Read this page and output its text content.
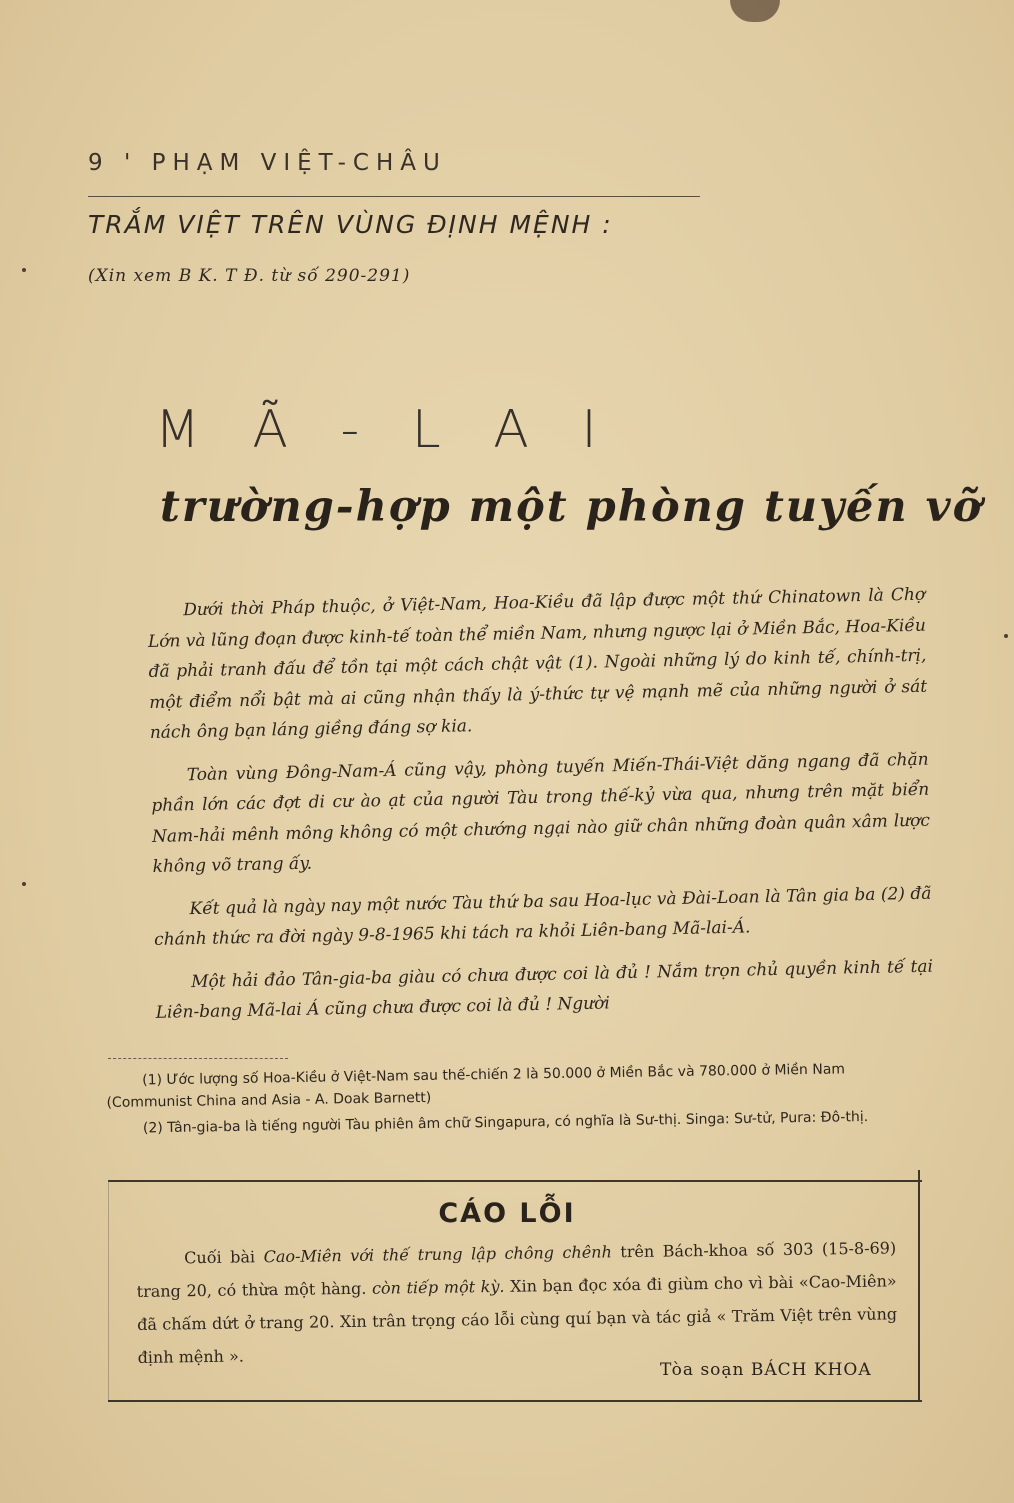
9 ' PHẠM VIỆT-CHÂU
TRẮM VIỆT TRÊN VÙNG ĐỊNH MỆNH :
(Xin xem B K. T Đ. từ số 290-291)
M Ã - L A I
trường-hợp một phòng tuyến vỡ

Dưới thời Pháp thuộc, ở Việt-Nam, Hoa-Kiều đã lập được một thứ Chinatown là Chợ Lớn và lũng đoạn được kinh-tế toàn thể miền Nam, nhưng ngược lại ở Miền Bắc, Hoa-Kiều đã phải tranh đấu để tồn tại một cách chật vật (1). Ngoài những lý do kinh tế, chính-trị, một điểm nổi bật mà ai cũng nhận thấy là ý-thức tự vệ mạnh mẽ của những người ở sát nách ông bạn láng giềng đáng sợ kia.

Toàn vùng Đông-Nam-Á cũng vậy, phòng tuyến Miến-Thái-Việt dăng ngang đã chặn phần lớn các đợt di cư ào ạt của người Tàu trong thế-kỷ vừa qua, nhưng trên mặt biển Nam-hải mênh mông không có một chướng ngại nào giữ chân những đoàn quân xâm lược không võ trang ấy.

Kết quả là ngày nay một nước Tàu thứ ba sau Hoa-lục và Đài-Loan là Tân gia ba (2) đã chánh thức ra đời ngày 9-8-1965 khi tách ra khỏi Liên-bang Mã-lai-Á.

Một hải đảo Tân-gia-ba giàu có chưa được coi là đủ ! Nắm trọn chủ quyền kinh tế tại Liên-bang Mã-lai Á cũng chưa được coi là đủ ! Người

(1) Ước lượng số Hoa-Kiều ở Việt-Nam sau thế-chiến 2 là 50.000 ở Miền Bắc và 780.000 ở Miền Nam (Communist China and Asia - A. Doak Barnett)

(2) Tân-gia-ba là tiếng người Tàu phiên âm chữ Singapura, có nghĩa là Sư-thị. Singa: Sư-tử, Pura: Đô-thị.

CÁO LỖI

Cuối bài Cao-Miên với thế trung lập chông chênh trên Bách-khoa số 303 (15-8-69) trang 20, có thừa một hàng. còn tiếp một kỳ. Xin bạn đọc xóa đi giùm cho vì bài «Cao-Miên» đã chấm dứt ở trang 20. Xin trân trọng cáo lỗi cùng quí bạn và tác giả « Trăm Việt trên vùng định mệnh ».

Tòa soạn BÁCH KHOA
